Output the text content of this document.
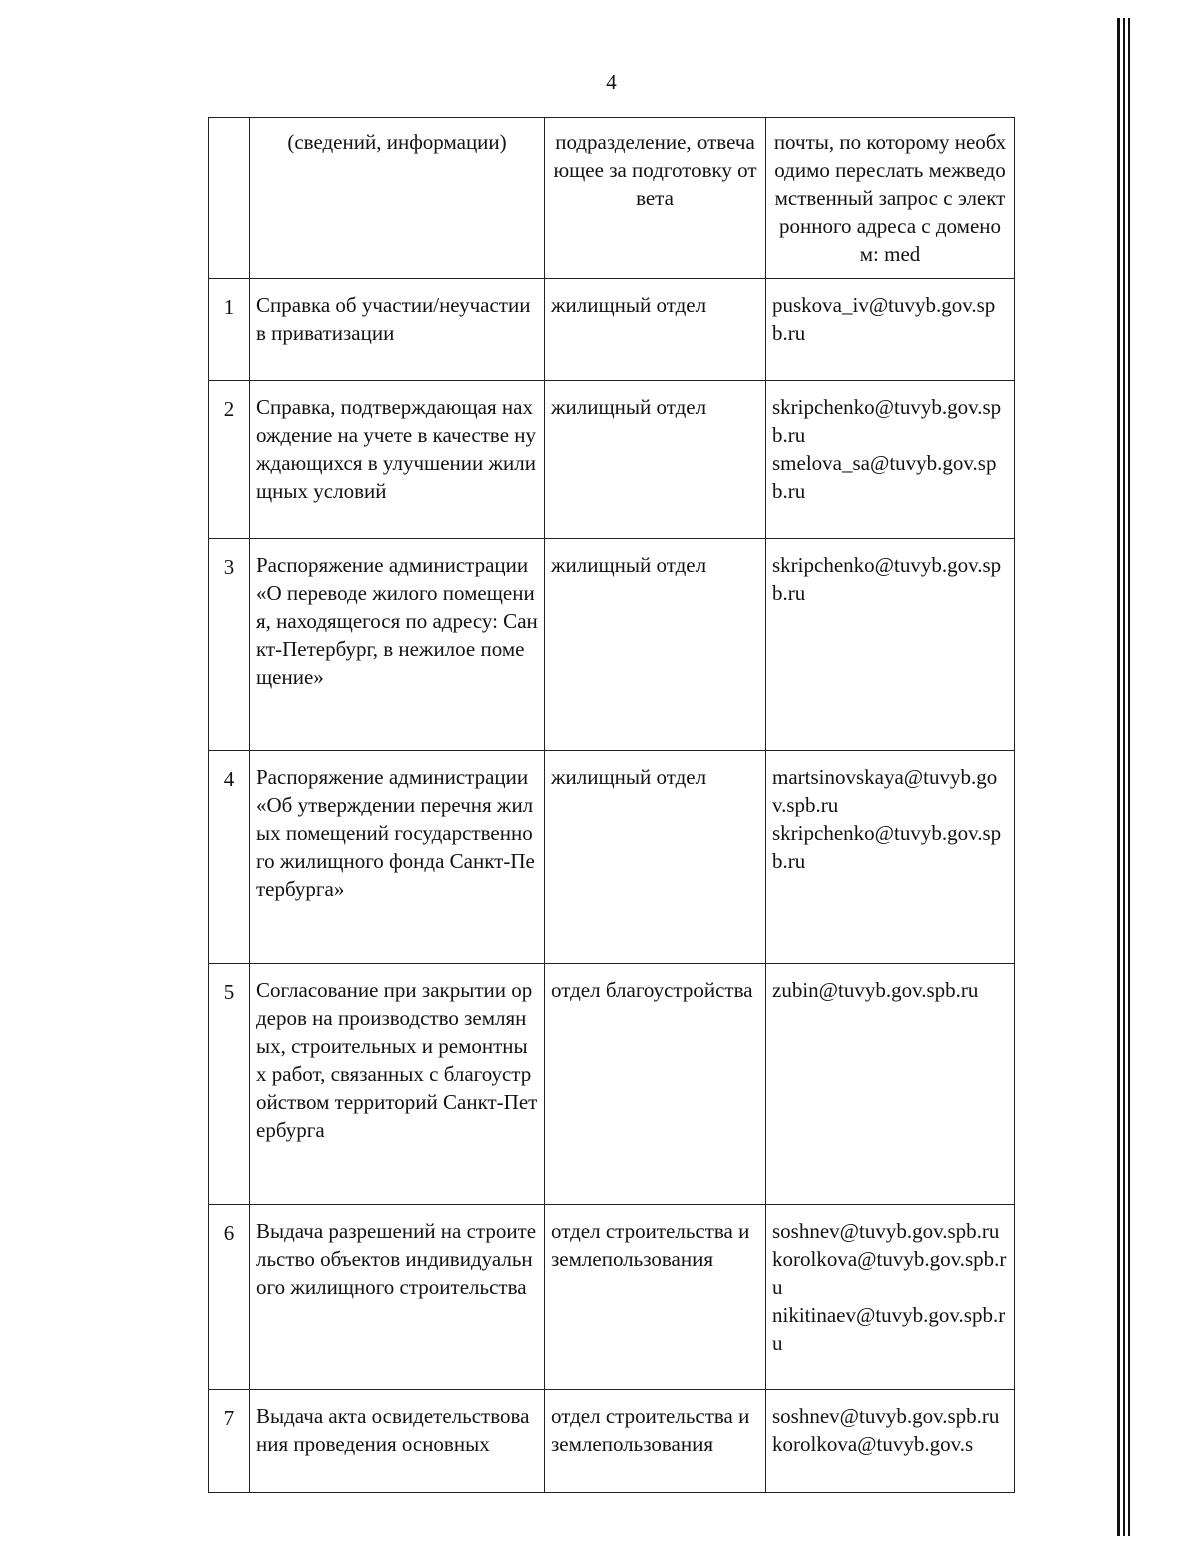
4
	(сведений, информации)	подразделение, отвечающее за подготовку ответа	почты, по которому необходимо переслать межведомственный запрос с электронного адреса с доменом: med
1	Справка об участии/неучастии в приватизации	жилищный отдел	puskova_iv@tuvyb.gov.spb.ru

2	Справка, подтверждающая нахождение на учете в качестве нуждающихся в улучшении жилищных условий	жилищный отдел	skripchenko@tuvyb.gov.spb.ru
smelova_sa@tuvyb.gov.spb.ru

3	Распоряжение администрации «О переводе жилого помещения, находящегося по адресу: Санкт-Петербург, в нежилое помещение»	жилищный отдел	skripchenko@tuvyb.gov.spb.ru

4	Распоряжение администрации «Об утверждении перечня жилых помещений государственного жилищного фонда Санкт-Петербурга»	жилищный отдел	martsinovskaya@tuvyb.gov.spb.ru
skripchenko@tuvyb.gov.spb.ru

5	Согласование при закрытии ордеров на производство земляных, строительных и ремонтных работ, связанных с благоустройством территорий Санкт-Петербурга	отдел благоустройства	zubin@tuvyb.gov.spb.ru

6	Выдача разрешений на строительство объектов индивидуального жилищного строительства	отдел строительства и землепользования	soshnev@tuvyb.gov.spb.ru
korolkova@tuvyb.gov.spb.ru
nikitinaev@tuvyb.gov.spb.ru

7	Выдача акта освидетельствования проведения основных	отдел строительства и землепользования	soshnev@tuvyb.gov.spb.ru
korolkova@tuvyb.gov.s
